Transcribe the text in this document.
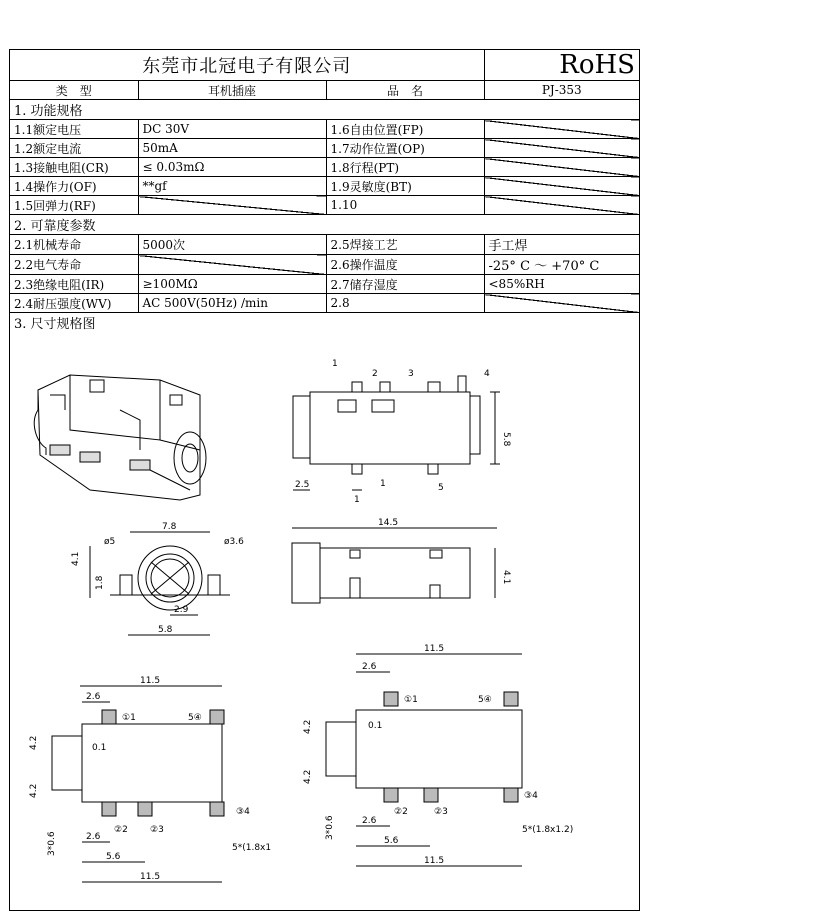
东莞市北冠电子有限公司			RoHS
类　型	耳机插座	品　名	PJ-353
1. 功能规格			
1.1额定电压	DC 30V	1.6自由位置(FP)	
1.2额定电流	50mA	1.7动作位置(OP)	
1.3接触电阻(CR)	≤ 0.03mΩ	1.8行程(PT)	
1.4操作力(OF)	**gf	1.9灵敏度(BT)	
1.5回弹力(RF)		1.10	
2. 可靠度参数			
2.1机械寿命	5000次	2.5焊接工艺	手工焊
2.2电气寿命		2.6操作温度	-25° C ～ +70° C
2.3绝缘电阻(IR)	≥100MΩ	2.7储存湿度	<85%RH
2.4耐压强度(WV)	AC 500V(50Hz) /min	2.8	
3. 尺寸规格图			
5.8
2.5
1
1
2	3	4
1	5
7.8
ø5	ø3.6
4.1
1.8
2.9
5.8
14.5
4.1
11.5
2.6
0.1
4.2
4.2
3*0.6	2.6
5.6
11.5
①1	5④
②2 ②3
③4
5*(1.8x1
11.5
2.6
0.1
4.2
4.2
3*0.6	2.6
5.6
11.5
①1	5④
②2	②3
③4
5*(1.8x1.2)
